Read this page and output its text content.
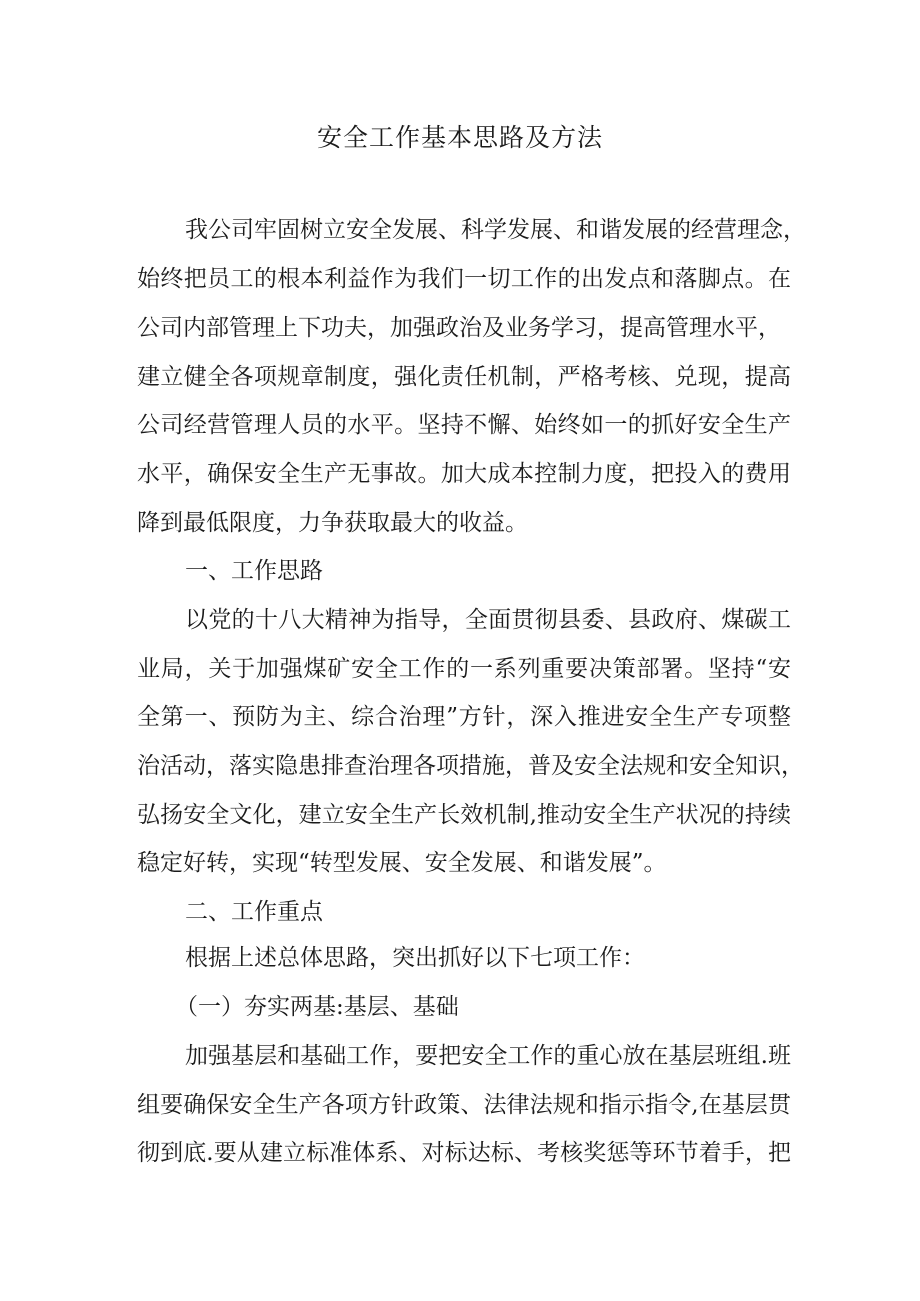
安全工作基本思路及方法

我公司牢固树立安全发展、科学发展、和谐发展的经营理念，

始终把员工的根本利益作为我们一切工作的出发点和落脚点。在

公司内部管理上下功夫，加强政治及业务学习，提高管理水平，

建立健全各项规章制度，强化责任机制，严格考核、兑现，提高

公司经营管理人员的水平。坚持不懈、始终如一的抓好安全生产

水平，确保安全生产无事故。加大成本控制力度，把投入的费用

降到最低限度，力争获取最大的收益。

一、工作思路

以党的十八大精神为指导，全面贯彻县委、县政府、煤碳工

业局，关于加强煤矿安全工作的一系列重要决策部署。坚持“安

全第一、预防为主、综合治理”方针，深入推进安全生产专项整

治活动，落实隐患排查治理各项措施，普及安全法规和安全知识，

弘扬安全文化，建立安全生产长效机制,推动安全生产状况的持续

稳定好转，实现“转型发展、安全发展、和谐发展”。

二、工作重点

根据上述总体思路，突出抓好以下七项工作：

（一）夯实两基:基层、基础

加强基层和基础工作，要把安全工作的重心放在基层班组.班

组要确保安全生产各项方针政策、法律法规和指示指令,在基层贯

彻到底.要从建立标准体系、对标达标、考核奖惩等环节着手，把
